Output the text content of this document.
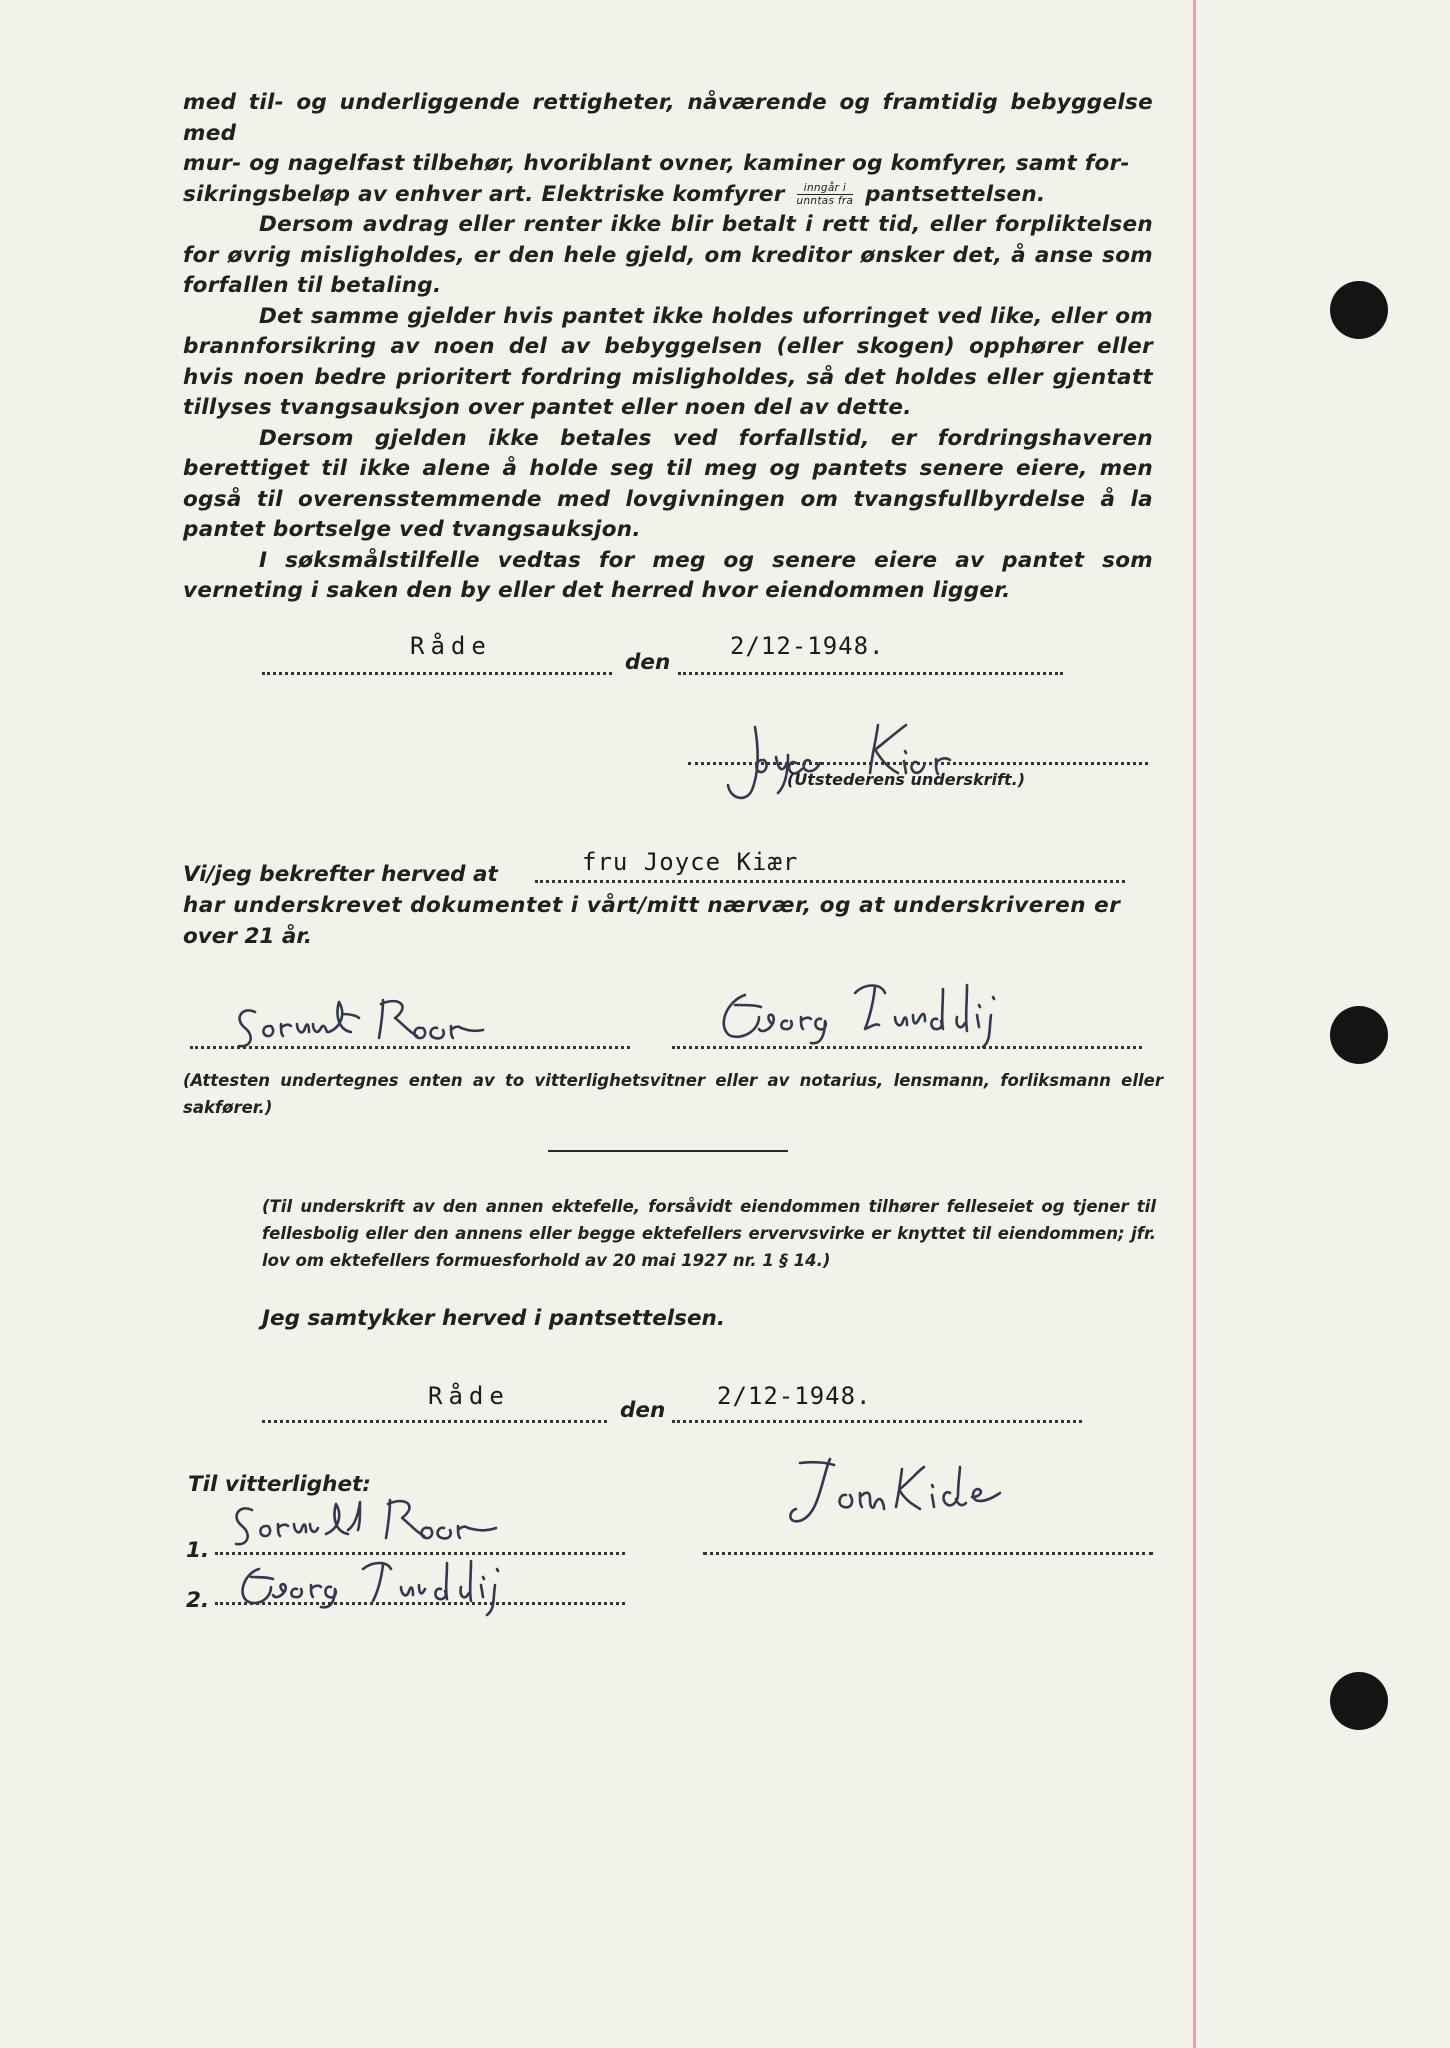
med til- og underliggende rettigheter, nåværende og framtidig bebyggelse med

mur- og nagelfast tilbehør, hvoriblant ovner, kaminer og komfyrer, samt for-

sikringsbeløp av enhver art. Elektriske komfyrer $\frac{\text{inngår i}}{\text{unntas fra}}$ pantsettelsen.

Dersom avdrag eller renter ikke blir betalt i rett tid, eller forpliktelsen for øvrig misligholdes, er den hele gjeld, om kreditor ønsker det, å anse som forfallen til betaling.

Det samme gjelder hvis pantet ikke holdes uforringet ved like, eller om brannforsikring av noen del av bebyggelsen (eller skogen) opphører eller hvis noen bedre prioritert fordring misligholdes, så det holdes eller gjentatt tillyses tvangsauksjon over pantet eller noen del av dette.

Dersom gjelden ikke betales ved forfallstid, er fordringshaveren berettiget til ikke alene å holde seg til meg og pantets senere eiere, men også til overensstemmende med lovgivningen om tvangsfullbyrdelse å la pantet bortselge ved tvangsauksjon.

I søksmålstilfelle vedtas for meg og senere eiere av pantet som verneting i saken den by eller det herred hvor eiendommen ligger.

Råde
den
2/12-1948.
(Utstederens underskrift.)
Vi/jeg bekrefter herved at	fru Joyce Kiær
har underskrevet dokumentet i vårt/mitt nærvær, og at underskriveren er
over 21 år.
(Attesten undertegnes enten av to vitterlighetsvitner eller av notarius, lensmann, forliksmann eller sakfører.)
(Til underskrift av den annen ektefelle, forsåvidt eiendommen tilhører felleseiet og tjener til fellesbolig eller den annens eller begge ektefellers ervervsvirke er knyttet til eiendommen; jfr. lov om ektefellers formuesforhold av 20 mai 1927 nr. 1 § 14.)
Jeg samtykker herved i pantsettelsen.
Råde
den
2/12-1948.
Til vitterlighet:
1.
2.
